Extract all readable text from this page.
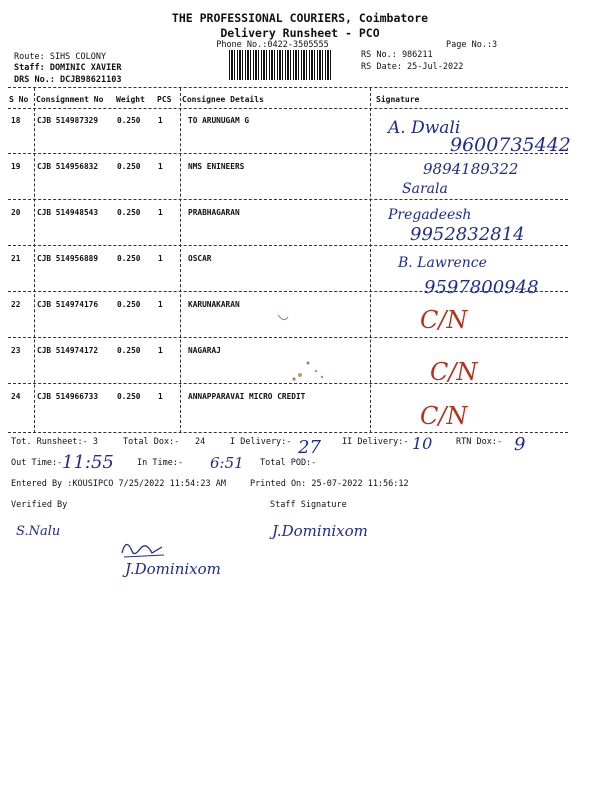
THE PROFESSIONAL COURIERS, Coimbatore
Delivery Runsheet - PCO
Phone No.:0422-3505555	Page No.:3
Route: SIHS COLONY
Staff: DOMINIC XAVIER
DRS No.: DCJB98621103
RS No.: 986211
RS Date: 25-Jul-2022
S No Consignment No Weight PCS Consignee Details	Signature
18 CJB 514987329 0.250 1	TO ARUNUGAM G	A. Dwali
9600735442
19 CJB 514956832 0.250 1	NMS ENINEERS	9894189322
Sarala
20 CJB 514948543 0.250 1	PRABHAGARAN	Pregadeesh
9952832814
21 CJB 514956889 0.250 1	OSCAR	B. Lawrence
9597800948
22 CJB 514974176 0.250 1	KARUNAKARAN
C/N
23 CJB 514974172 0.250 1	NAGARAJ
C/N
24 CJB 514966733 0.250 1	ANNAPPARAVAI MICRO CREDIT
C/N
Tot. Runsheet:- 3	Total Dox:- 24	I Delivery:- 27 II Delivery:- 10	RTN Dox:- 9
Out Time:- 11:55	In Time:- 6:51 Total POD:-
Entered By :KOUSIPCO 7/25/2022 11:54:23 AM	Printed On: 25-07-2022 11:56:12
Verified By	Staff Signature
S.Nalu	J.Dominixom
J.Dominixom
